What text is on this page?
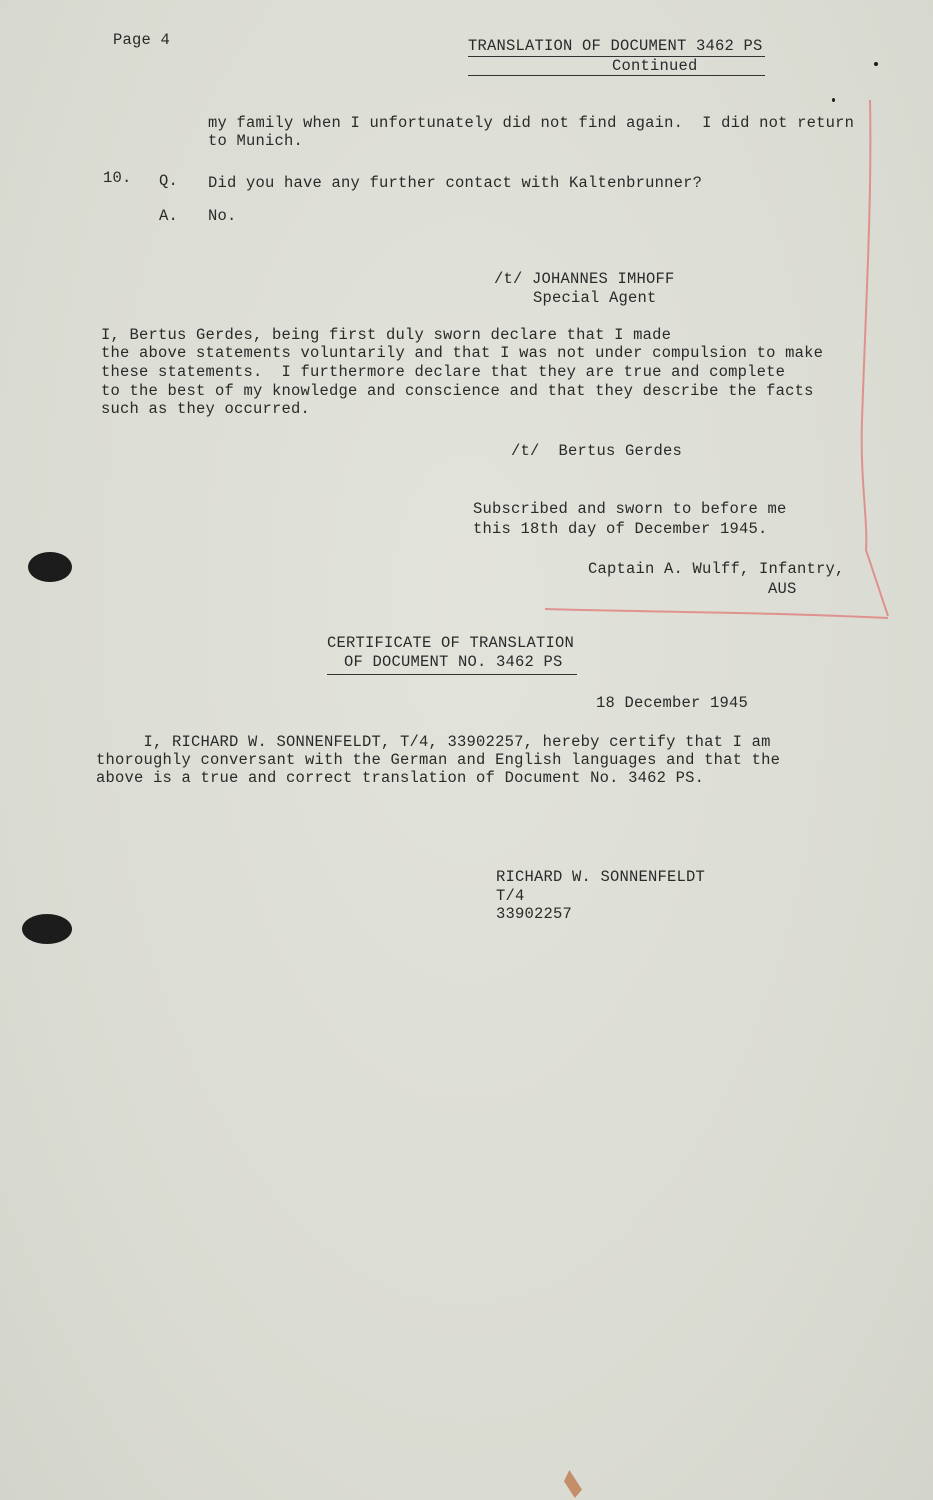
Page 4	TRANSLATION OF DOCUMENT 3462 PS
Continued
my family when I unfortunately did not find again.  I did not return
to Munich.
10. Q. Did you have any further contact with Kaltenbrunner?
A. No.
/t/ JOHANNES IMHOFF
Special Agent
I, Bertus Gerdes, being first duly sworn declare that I made
the above statements voluntarily and that I was not under compulsion to make
these statements.  I furthermore declare that they are true and complete
to the best of my knowledge and conscience and that they describe the facts
such as they occurred.
/t/  Bertus Gerdes
Subscribed and sworn to before me
this 18th day of December 1945.
Captain A. Wulff, Infantry,
AUS
CERTIFICATE OF TRANSLATION
OF DOCUMENT NO. 3462 PS
18 December 1945
I, RICHARD W. SONNENFELDT, T/4, 33902257, hereby certify that I am
thoroughly conversant with the German and English languages and that the
above is a true and correct translation of Document No. 3462 PS.
RICHARD W. SONNENFELDT
T/4
33902257
